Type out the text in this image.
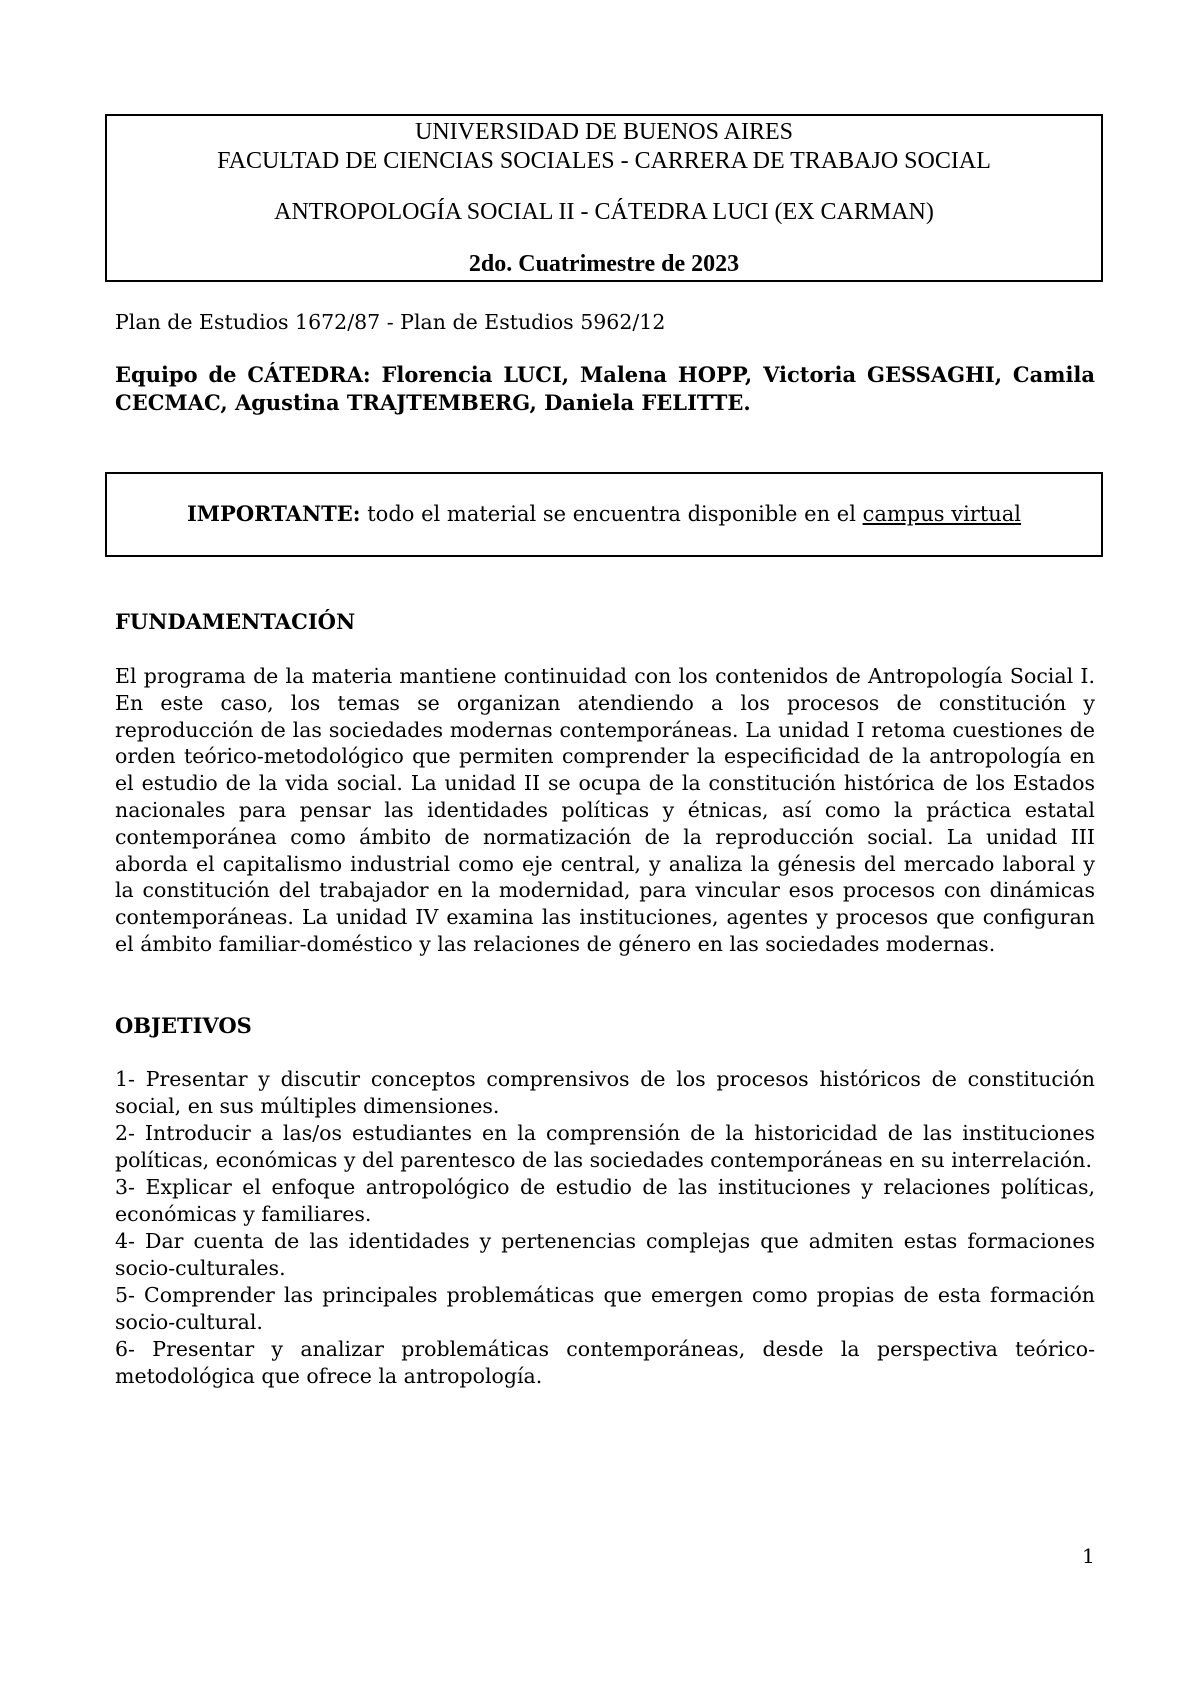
UNIVERSIDAD DE BUENOS AIRES
FACULTAD DE CIENCIAS SOCIALES - CARRERA DE TRABAJO SOCIAL
ANTROPOLOGÍA SOCIAL II - CÁTEDRA LUCI (EX CARMAN)
2do. Cuatrimestre de 2023
Plan de Estudios 1672/87 - Plan de Estudios 5962/12
Equipo de CÁTEDRA: Florencia LUCI, Malena HOPP, Victoria GESSAGHI, Camila CECMAC, Agustina TRAJTEMBERG, Daniela FELITTE.
IMPORTANTE: todo el material se encuentra disponible en el campus virtual
FUNDAMENTACIÓN
El programa de la materia mantiene continuidad con los contenidos de Antropología Social I. En este caso, los temas se organizan atendiendo a los procesos de constitución y reproducción de las sociedades modernas contemporáneas. La unidad I retoma cuestiones de orden teórico-metodológico que permiten comprender la especificidad de la antropología en el estudio de la vida social. La unidad II se ocupa de la constitución histórica de los Estados nacionales para pensar las identidades políticas y étnicas, así como la práctica estatal contemporánea como ámbito de normatización de la reproducción social. La unidad III aborda el capitalismo industrial como eje central, y analiza la génesis del mercado laboral y la constitución del trabajador en la modernidad, para vincular esos procesos con dinámicas contemporáneas. La unidad IV examina las instituciones, agentes y procesos que configuran el ámbito familiar-doméstico y las relaciones de género en las sociedades modernas.
OBJETIVOS
1- Presentar y discutir conceptos comprensivos de los procesos históricos de constitución social, en sus múltiples dimensiones.
2- Introducir a las/os estudiantes en la comprensión de la historicidad de las instituciones políticas, económicas y del parentesco de las sociedades contemporáneas en su interrelación.
3- Explicar el enfoque antropológico de estudio de las instituciones y relaciones políticas, económicas y familiares.
4- Dar cuenta de las identidades y pertenencias complejas que admiten estas formaciones socio-culturales.
5- Comprender las principales problemáticas que emergen como propias de esta formación socio-cultural.
6- Presentar y analizar problemáticas contemporáneas, desde la perspectiva teórico-metodológica que ofrece la antropología.
1
